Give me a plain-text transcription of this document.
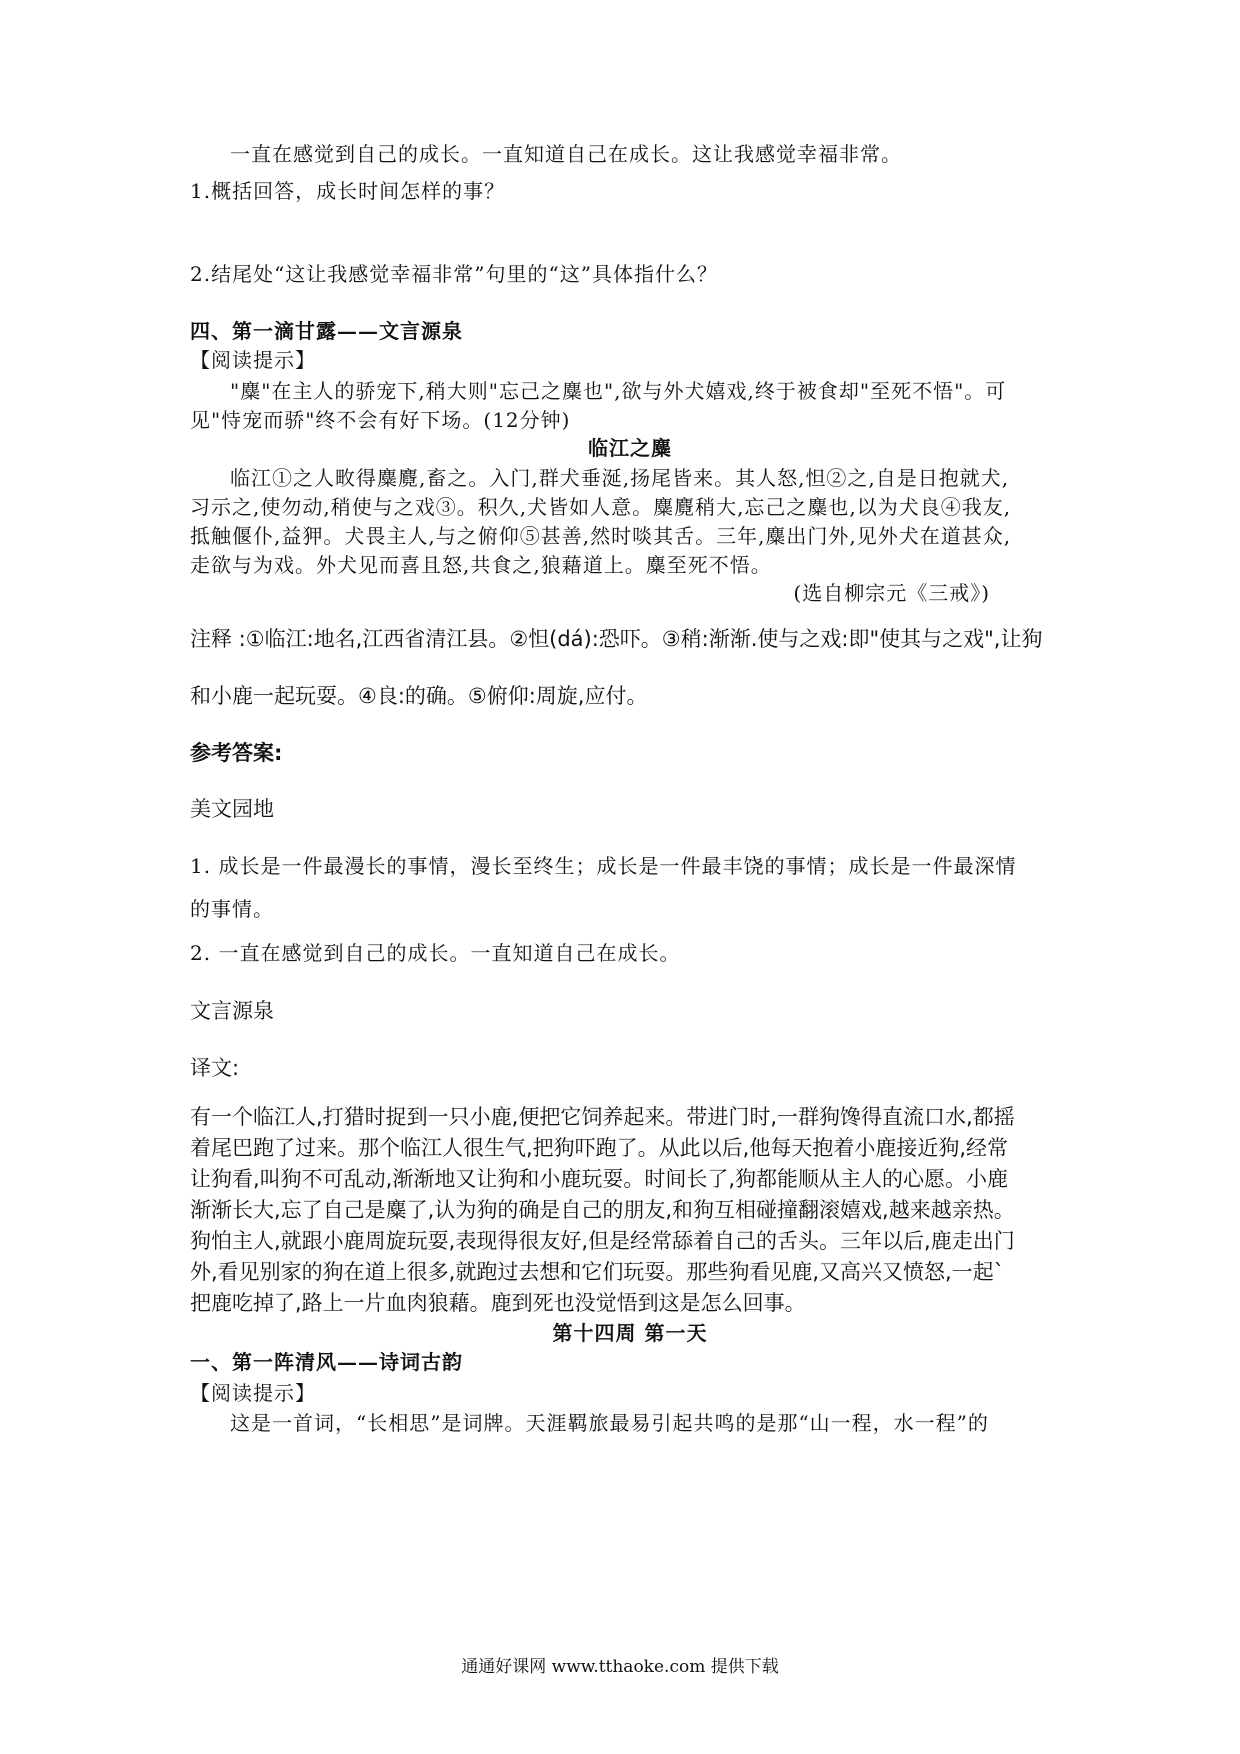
一直在感觉到自己的成长。一直知道自己在成长。这让我感觉幸福非常。
1.概括回答，成长时间怎样的事？
2.结尾处“这让我感觉幸福非常”句里的“这”具体指什么？
四、第一滴甘露——文言源泉
【阅读提示】
"麋"在主人的骄宠下,稍大则"忘己之麋也",欲与外犬嬉戏,终于被食却"至死不悟"。可
见"恃宠而骄"终不会有好下场。(12分钟)
临江之麋
临江①之人畋得麋麑,畜之。入门,群犬垂涎,扬尾皆来。其人怒,怛②之,自是日抱就犬,
习示之,使勿动,稍使与之戏③。积久,犬皆如人意。麋麑稍大,忘己之麋也,以为犬良④我友,
抵触偃仆,益狎。犬畏主人,与之俯仰⑤甚善,然时啖其舌。三年,麋出门外,见外犬在道甚众,
走欲与为戏。外犬见而喜且怒,共食之,狼藉道上。麋至死不悟。
(选自柳宗元《三戒》)
注释 :①临江:地名,江西省清江县。②怛(dá):恐吓。③稍:渐渐.使与之戏:即"使其与之戏",让狗
和小鹿一起玩耍。④良:的确。⑤俯仰:周旋,应付。
参考答案:
美文园地
1. 成长是一件最漫长的事情，漫长至终生；成长是一件最丰饶的事情；成长是一件最深情
的事情。
2. 一直在感觉到自己的成长。一直知道自己在成长。
文言源泉
译文:
有一个临江人,打猎时捉到一只小鹿,便把它饲养起来。带进门时,一群狗馋得直流口水,都摇
着尾巴跑了过来。那个临江人很生气,把狗吓跑了。从此以后,他每天抱着小鹿接近狗,经常
让狗看,叫狗不可乱动,渐渐地又让狗和小鹿玩耍。时间长了,狗都能顺从主人的心愿。小鹿
渐渐长大,忘了自己是麋了,认为狗的确是自己的朋友,和狗互相碰撞翻滚嬉戏,越来越亲热。
狗怕主人,就跟小鹿周旋玩耍,表现得很友好,但是经常舔着自己的舌头。三年以后,鹿走出门
外,看见别家的狗在道上很多,就跑过去想和它们玩耍。那些狗看见鹿,又高兴又愤怒,一起`
把鹿吃掉了,路上一片血肉狼藉。鹿到死也没觉悟到这是怎么回事。
第十四周 第一天
一、第一阵清风——诗词古韵
【阅读提示】
这是一首词，“长相思”是词牌。天涯羁旅最易引起共鸣的是那“山一程，水一程”的
通通好课网 www.tthaoke.com 提供下载
